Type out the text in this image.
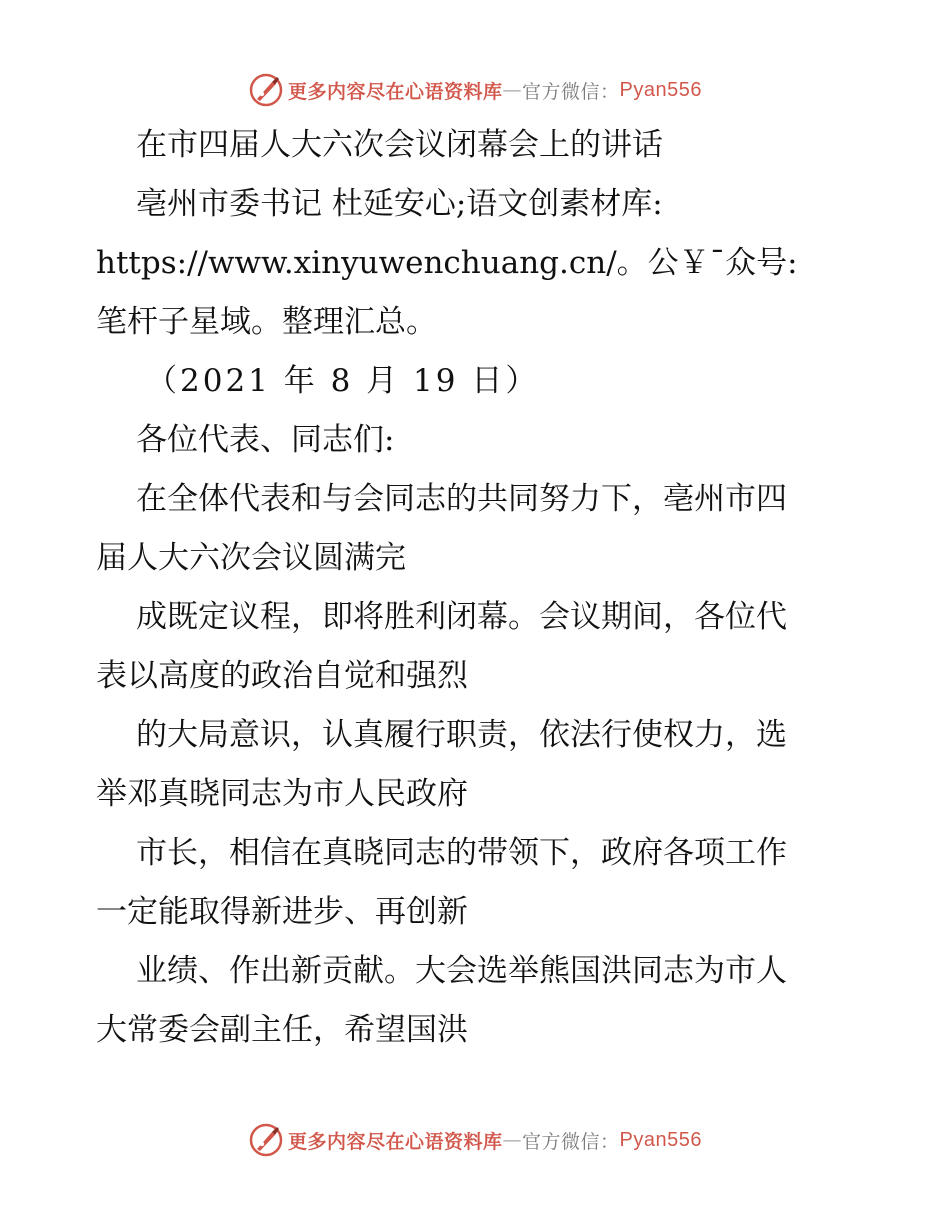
更多内容尽在心语资料库 — 官方微信： Pyan556

在市四届人大六次会议闭幕会上的讲话

亳州市委书记 杜延安心;语文创素材库:

https://www.xinyuwenchuang.cn/。公￥¯众号:

笔杆子星域。整理汇总。

（2021 年 8 月 19 日）

各位代表、同志们:

在全体代表和与会同志的共同努力下，亳州市四

届人大六次会议圆满完

成既定议程，即将胜利闭幕。会议期间，各位代

表以高度的政治自觉和强烈

的大局意识，认真履行职责，依法行使权力，选

举邓真晓同志为市人民政府

市长，相信在真晓同志的带领下，政府各项工作

一定能取得新进步、再创新

业绩、作出新贡献。大会选举熊国洪同志为市人

大常委会副主任，希望国洪

更多内容尽在心语资料库 — 官方微信： Pyan556
